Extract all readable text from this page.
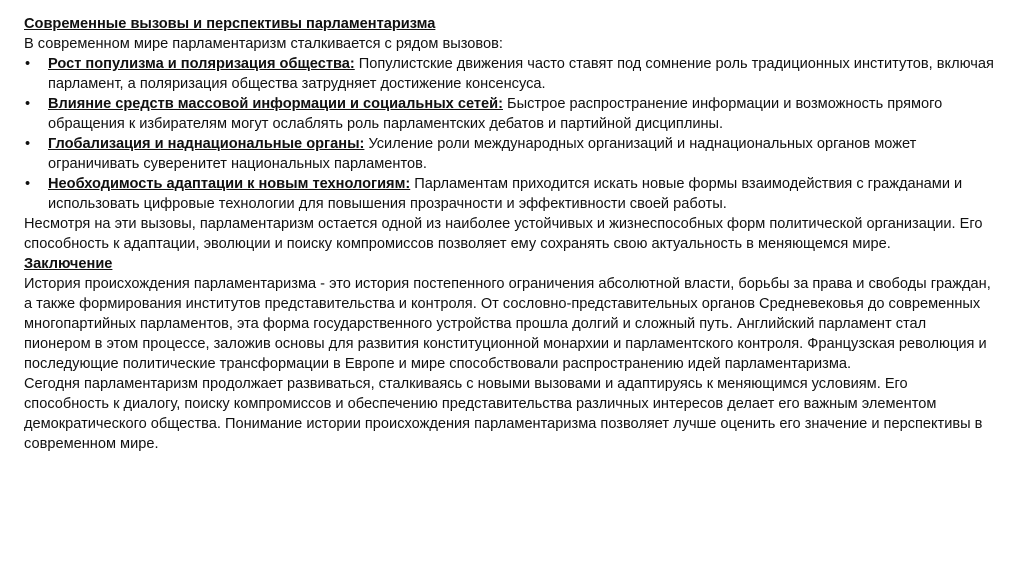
Современные вызовы и перспективы парламентаризма

В современном мире парламентаризм сталкивается с рядом вызовов:

• Рост популизма и поляризация общества: Популистские движения часто ставят под сомнение роль традиционных институтов, включая парламент, а поляризация общества затрудняет достижение консенсуса.
• Влияние средств массовой информации и социальных сетей: Быстрое распространение информации и возможность прямого обращения к избирателям могут ослаблять роль парламентских дебатов и партийной дисциплины.
• Глобализация и наднациональные органы: Усиление роли международных организаций и наднациональных органов может ограничивать суверенитет национальных парламентов.
• Необходимость адаптации к новым технологиям: Парламентам приходится искать новые формы взаимодействия с гражданами и использовать цифровые технологии для повышения прозрачности и эффективности своей работы.

Несмотря на эти вызовы, парламентаризм остается одной из наиболее устойчивых и жизнеспособных форм политической организации. Его способность к адаптации, эволюции и поиску компромиссов позволяет ему сохранять свою актуальность в меняющемся мире.

Заключение

История происхождения парламентаризма - это история постепенного ограничения абсолютной власти, борьбы за права и свободы граждан, а также формирования институтов представительства и контроля. От сословно-представительных органов Средневековья до современных многопартийных парламентов, эта форма государственного устройства прошла долгий и сложный путь. Английский парламент стал пионером в этом процессе, заложив основы для развития конституционной монархии и парламентского контроля. Французская революция и последующие политические трансформации в Европе и мире способствовали распространению идей парламентаризма.

Сегодня парламентаризм продолжает развиваться, сталкиваясь с новыми вызовами и адаптируясь к меняющимся условиям. Его способность к диалогу, поиску компромиссов и обеспечению представительства различных интересов делает его важным элементом демократического общества. Понимание истории происхождения парламентаризма позволяет лучше оценить его значение и перспективы в современном мире.
